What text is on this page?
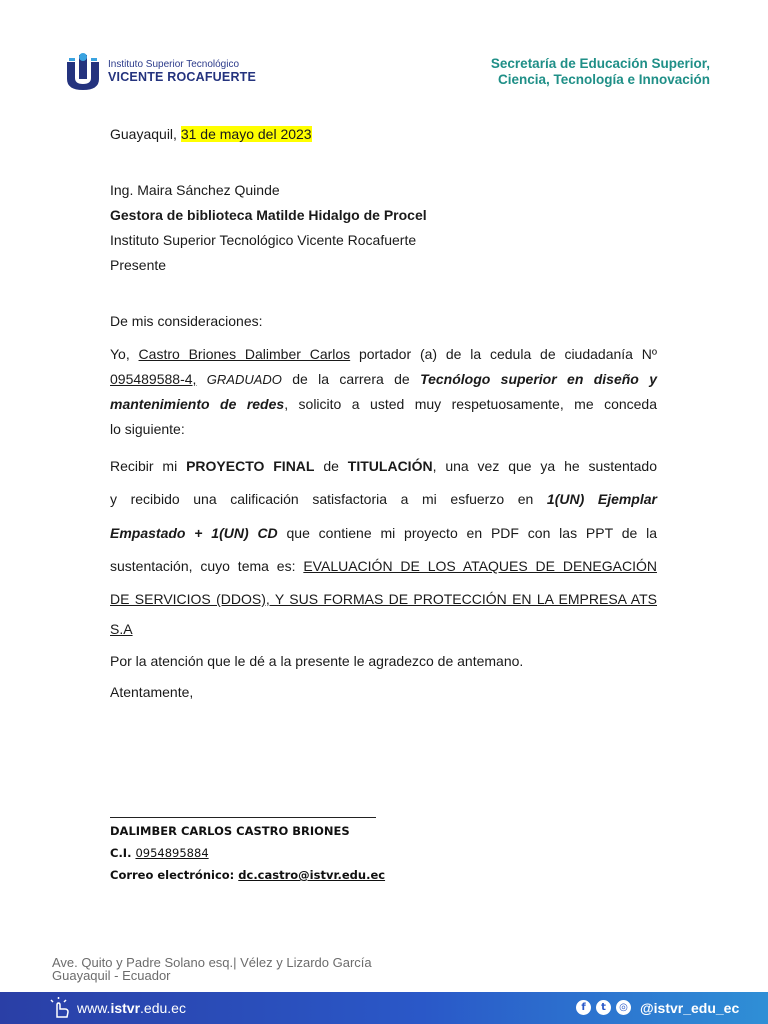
Instituto Superior Tecnológico
VICENTE ROCAFUERTE
Secretaría de Educación Superior,
Ciencia, Tecnología e Innovación
Guayaquil, 31 de mayo del 2023
Ing. Maira Sánchez Quinde
Gestora de biblioteca Matilde Hidalgo de Procel
Instituto Superior Tecnológico Vicente Rocafuerte
Presente
De mis consideraciones:
Yo, Castro Briones Dalimber Carlos portador (a) de la cedula de ciudadanía Nº
095489588-4, GRADUADO de la carrera de Tecnólogo superior en diseño y
mantenimiento de redes, solicito a usted muy respetuosamente, me conceda
lo siguiente:
Recibir mi PROYECTO FINAL de TITULACIÓN, una vez que ya he sustentado
y recibido una calificación satisfactoria a mi esfuerzo en 1(UN) Ejemplar
Empastado + 1(UN) CD que contiene mi proyecto en PDF con las PPT de la
sustentación, cuyo tema es: EVALUACIÓN DE LOS ATAQUES DE DENEGACIÓN
DE SERVICIOS (DDOS), Y SUS FORMAS DE PROTECCIÓN EN LA EMPRESA ATS
S.A
Por la atención que le dé a la presente le agradezco de antemano.
Atentamente,
DALIMBER CARLOS CASTRO BRIONES
C.I. 0954895884
Correo electrónico: dc.castro@istvr.edu.ec
Ave. Quito y Padre Solano esq.| Vélez y Lizardo García
Guayaquil - Ecuador
www.istvr.edu.ec	f	t	◎ @istvr_edu_ec
